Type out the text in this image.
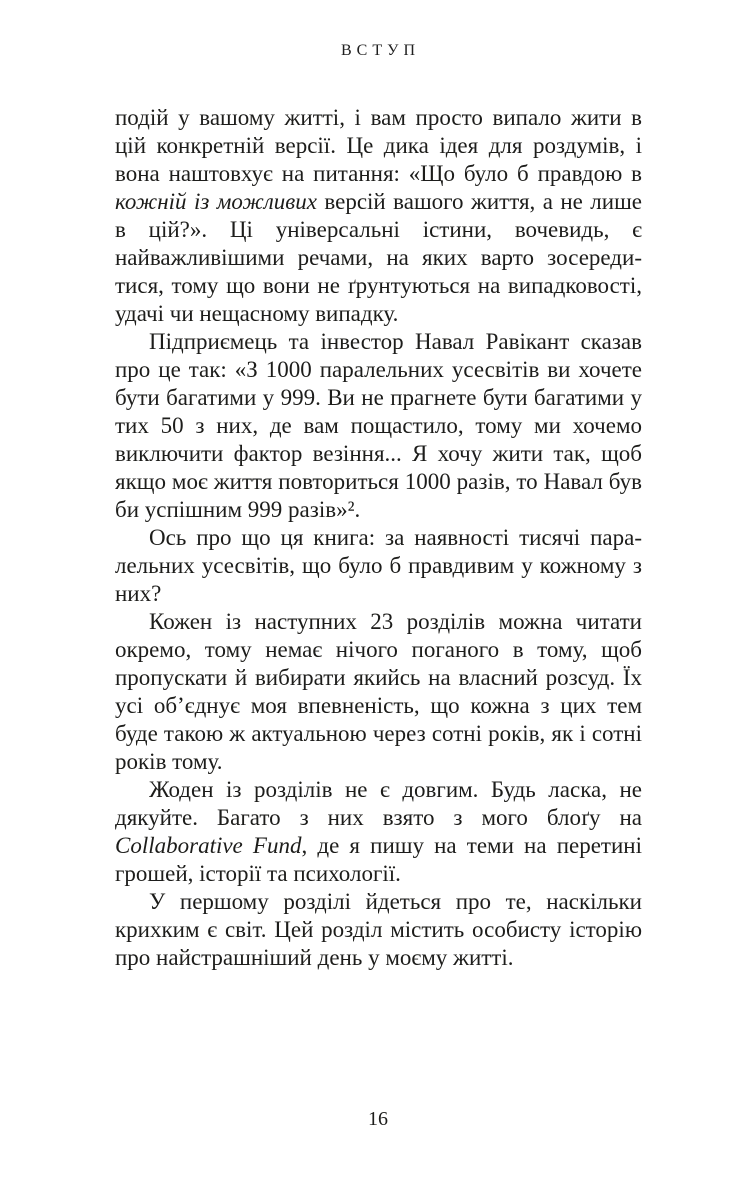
ВСТУП

подій у вашому житті, і вам просто випало жити в цій конкретній версії. Це дика ідея для роздумів, і вона наштовхує на питання: «Що було б правдою в кожній із можливих версій вашого життя, а не лише в цій?». Ці універсальні істини, вочевидь, є найважливішими речами, на яких варто зосередитися, тому що вони не ґрунтуються на випадковості, удачі чи нещасному випадку.

Підприємець та інвестор Навал Равікант сказав про це так: «З 1000 паралельних усесвітів ви хочете бути багатими у 999. Ви не прагнете бути багатими у тих 50 з них, де вам пощастило, тому ми хочемо виключити фактор везіння... Я хочу жити так, щоб якщо моє життя повториться 1000 разів, то Навал був би успішним 999 разів»².

Ось про що ця книга: за наявності тисячі паралельних усесвітів, що було б правдивим у кожному з них?

Кожен із наступних 23 розділів можна читати окремо, тому немає нічого поганого в тому, щоб пропускати й вибирати якийсь на власний розсуд. Їх усі об’єднує моя впевненість, що кожна з цих тем буде такою ж актуальною через сотні років, як і сотні років тому.

Жоден із розділів не є довгим. Будь ласка, не дякуйте. Багато з них взято з мого блоґу на Collaborative Fund, де я пишу на теми на перетині грошей, історії та психології.

У першому розділі йдеться про те, наскільки крихким є світ. Цей розділ містить особисту історію про найстрашніший день у моєму житті.

16
